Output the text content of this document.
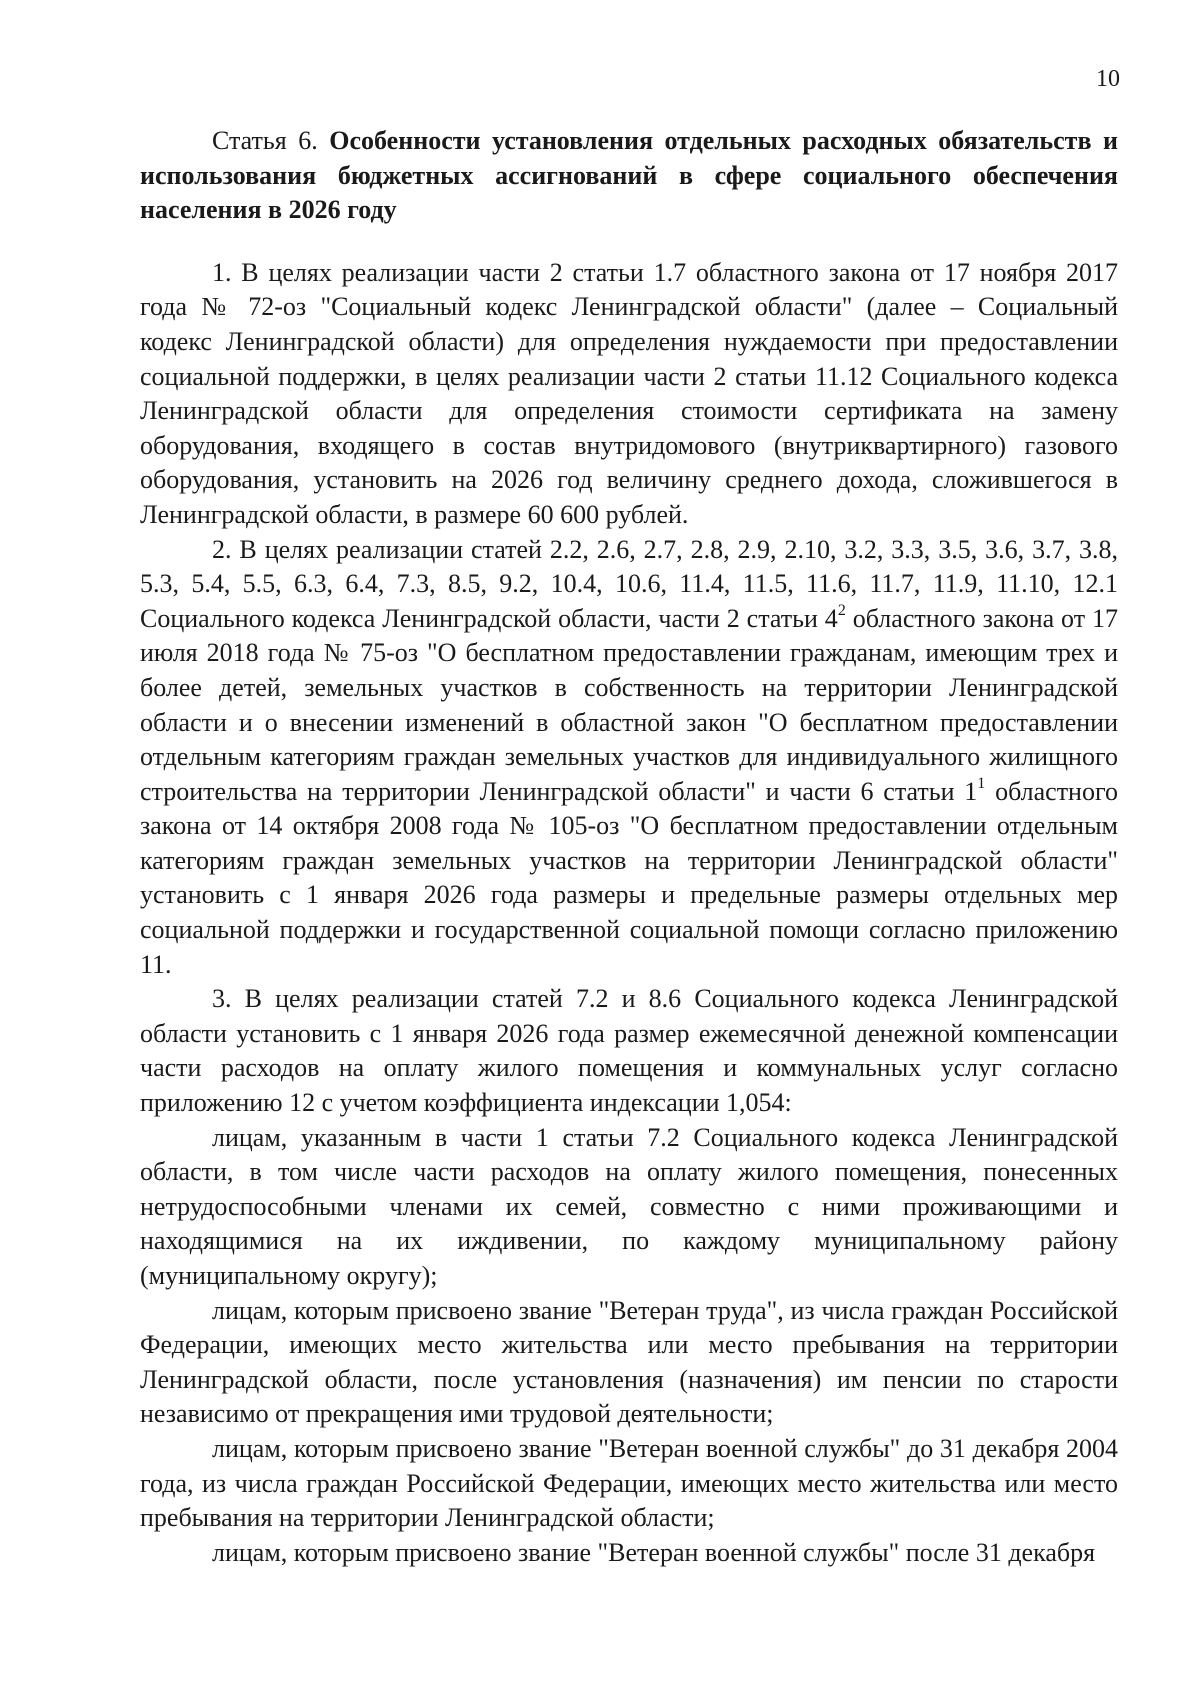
10

Статья 6. Особенности установления отдельных расходных обязательств и использования бюджетных ассигнований в сфере социального обеспечения населения в 2026 году

1. В целях реализации части 2 статьи 1.7 областного закона от 17 ноября 2017 года № 72-оз "Социальный кодекс Ленинградской области" (далее – Социальный кодекс Ленинградской области) для определения нуждаемости при предоставлении социальной поддержки, в целях реализации части 2 статьи 11.12 Социального кодекса Ленинградской области для определения стоимости сертификата на замену оборудования, входящего в состав внутридомового (внутриквартирного) газового оборудования, установить на 2026 год величину среднего дохода, сложившегося в Ленинградской области, в размере 60 600 рублей.

2. В целях реализации статей 2.2, 2.6, 2.7, 2.8, 2.9, 2.10, 3.2, 3.3, 3.5, 3.6, 3.7, 3.8, 5.3, 5.4, 5.5, 6.3, 6.4, 7.3, 8.5, 9.2, 10.4, 10.6, 11.4, 11.5, 11.6, 11.7, 11.9, 11.10, 12.1 Социального кодекса Ленинградской области, части 2 статьи $4^2$ областного закона от 17 июля 2018 года № 75-оз "О бесплатном предоставлении гражданам, имеющим трех и более детей, земельных участков в собственность на территории Ленинградской области и о внесении изменений в областной закон "О бесплатном предоставлении отдельным категориям граждан земельных участков для индивидуального жилищного строительства на территории Ленинградской области" и части 6 статьи $1^1$ областного закона от 14 октября 2008 года № 105-оз "О бесплатном предоставлении отдельным категориям граждан земельных участков на территории Ленинградской области" установить с 1 января 2026 года размеры и предельные размеры отдельных мер социальной поддержки и государственной социальной помощи согласно приложению 11.

3. В целях реализации статей 7.2 и 8.6 Социального кодекса Ленинградской области установить с 1 января 2026 года размер ежемесячной денежной компенсации части расходов на оплату жилого помещения и коммунальных услуг согласно приложению 12 с учетом коэффициента индексации 1,054:

лицам, указанным в части 1 статьи 7.2 Социального кодекса Ленинградской области, в том числе части расходов на оплату жилого помещения, понесенных нетрудоспособными членами их семей, совместно с ними проживающими и находящимися на их иждивении, по каждому муниципальному району (муниципальному округу);

лицам, которым присвоено звание "Ветеран труда", из числа граждан Российской Федерации, имеющих место жительства или место пребывания на территории Ленинградской области, после установления (назначения) им пенсии по старости независимо от прекращения ими трудовой деятельности;

лицам, которым присвоено звание "Ветеран военной службы" до 31 декабря 2004 года, из числа граждан Российской Федерации, имеющих место жительства или место пребывания на территории Ленинградской области;

лицам, которым присвоено звание "Ветеран военной службы" после 31 декабря
